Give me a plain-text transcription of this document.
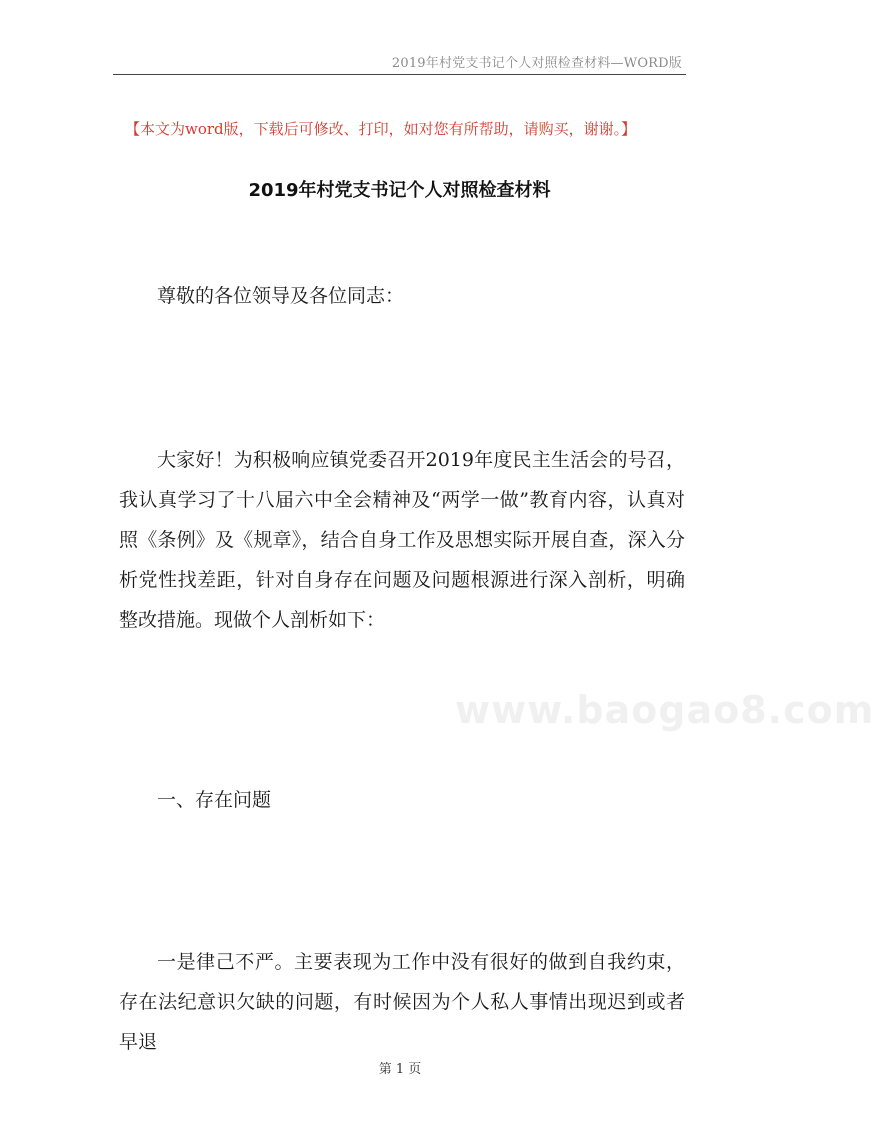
2019年村党支书记个人对照检查材料—WORD版
【本文为word版，下载后可修改、打印，如对您有所帮助，请购买，谢谢。】
2019年村党支书记个人对照检查材料
尊敬的各位领导及各位同志：
大家好！为积极响应镇党委召开2019年度民主生活会的号召，我认真学习了十八届六中全会精神及“两学一做”教育内容，认真对照《条例》及《规章》，结合自身工作及思想实际开展自查，深入分析党性找差距，针对自身存在问题及问题根源进行深入剖析，明确整改措施。现做个人剖析如下：
www.baogao8.com
一、存在问题
一是律己不严。主要表现为工作中没有很好的做到自我约束，存在法纪意识欠缺的问题，有时候因为个人私人事情出现迟到或者早退
第 1 页
